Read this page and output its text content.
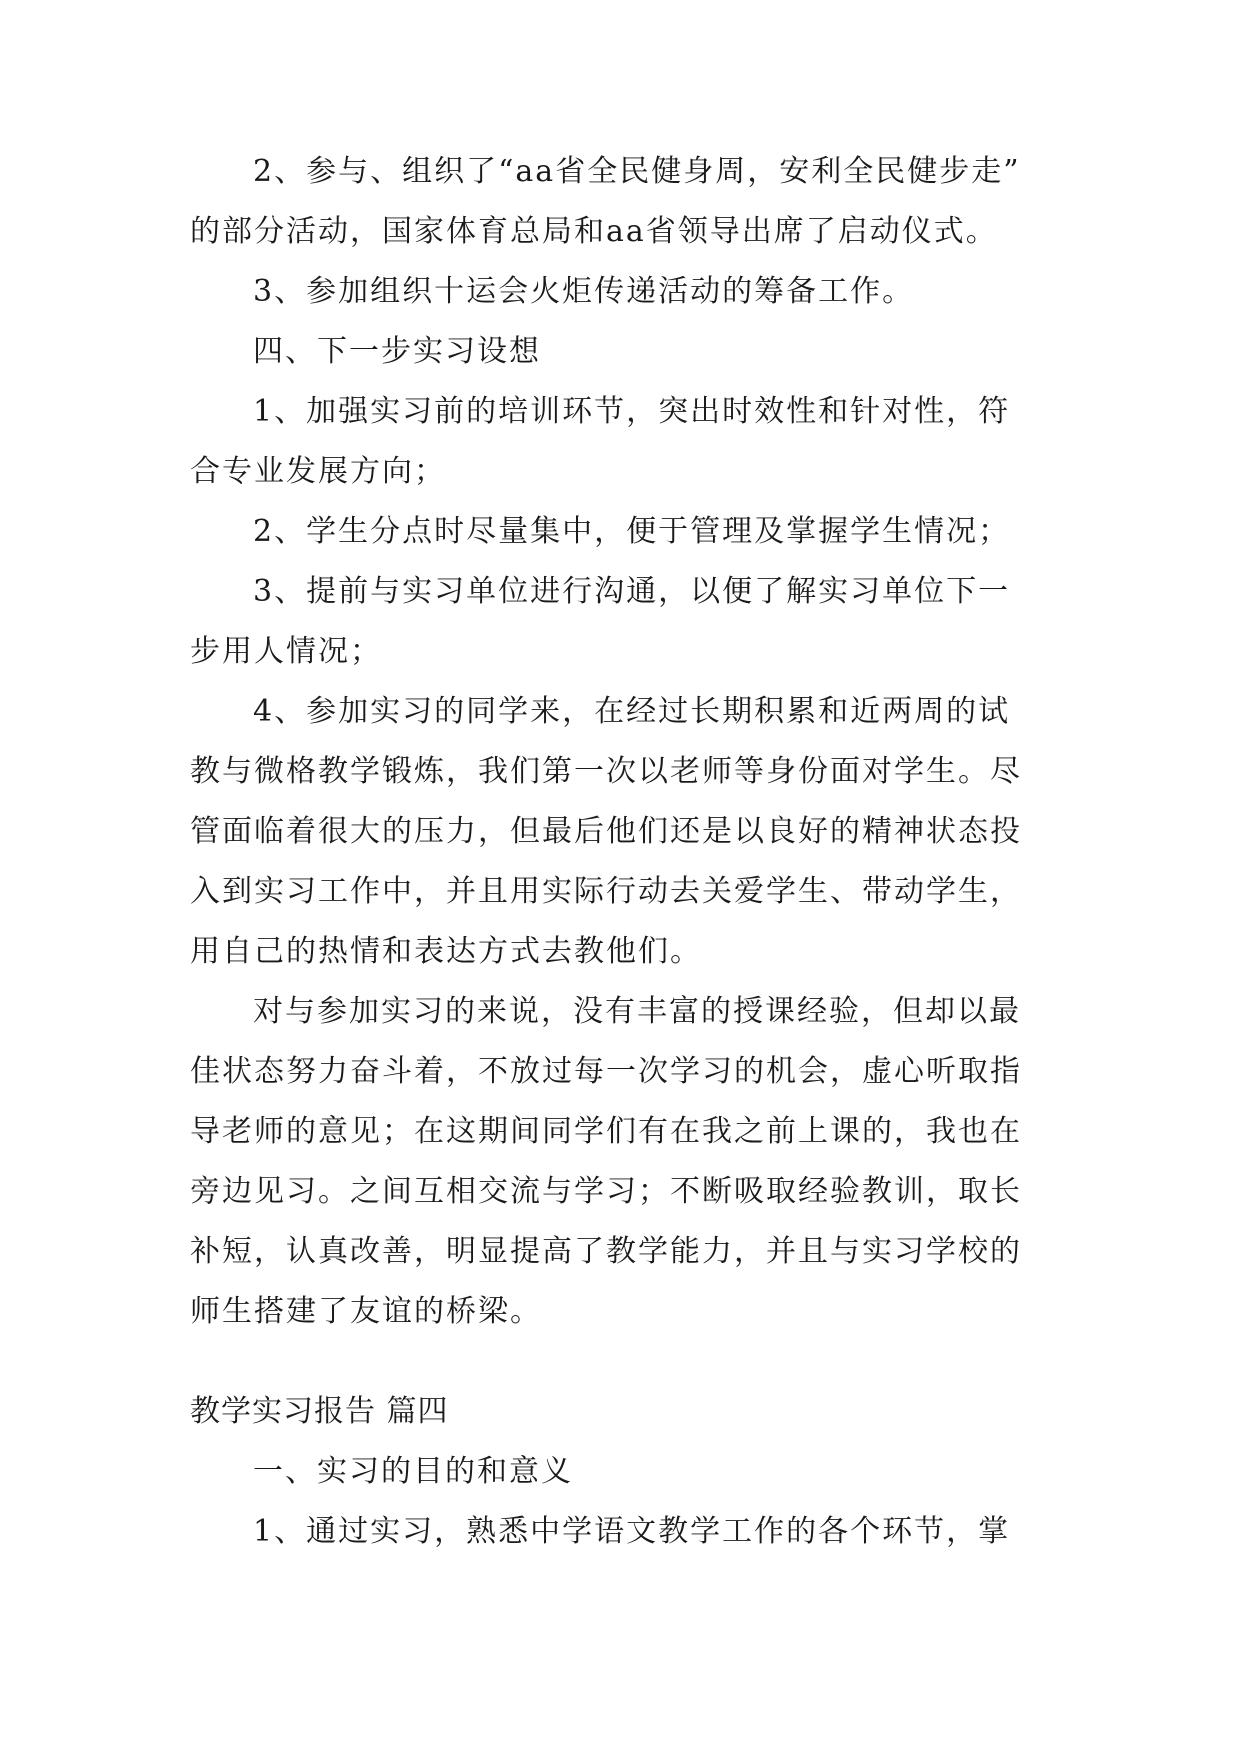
2、参与、组织了“aa省全民健身周，安利全民健步走”
的部分活动，国家体育总局和aa省领导出席了启动仪式。
3、参加组织十运会火炬传递活动的筹备工作。
四、下一步实习设想
1、加强实习前的培训环节，突出时效性和针对性，符
合专业发展方向；
2、学生分点时尽量集中，便于管理及掌握学生情况；
3、提前与实习单位进行沟通，以便了解实习单位下一
步用人情况；
4、参加实习的同学来，在经过长期积累和近两周的试
教与微格教学锻炼，我们第一次以老师等身份面对学生。尽
管面临着很大的压力，但最后他们还是以良好的精神状态投
入到实习工作中，并且用实际行动去关爱学生、带动学生，
用自己的热情和表达方式去教他们。
对与参加实习的来说，没有丰富的授课经验，但却以最
佳状态努力奋斗着，不放过每一次学习的机会，虚心听取指
导老师的意见；在这期间同学们有在我之前上课的，我也在
旁边见习。之间互相交流与学习；不断吸取经验教训，取长
补短，认真改善，明显提高了教学能力，并且与实习学校的
师生搭建了友谊的桥梁。
教学实习报告 篇四
一、实习的目的和意义
1、通过实习，熟悉中学语文教学工作的各个环节，掌
